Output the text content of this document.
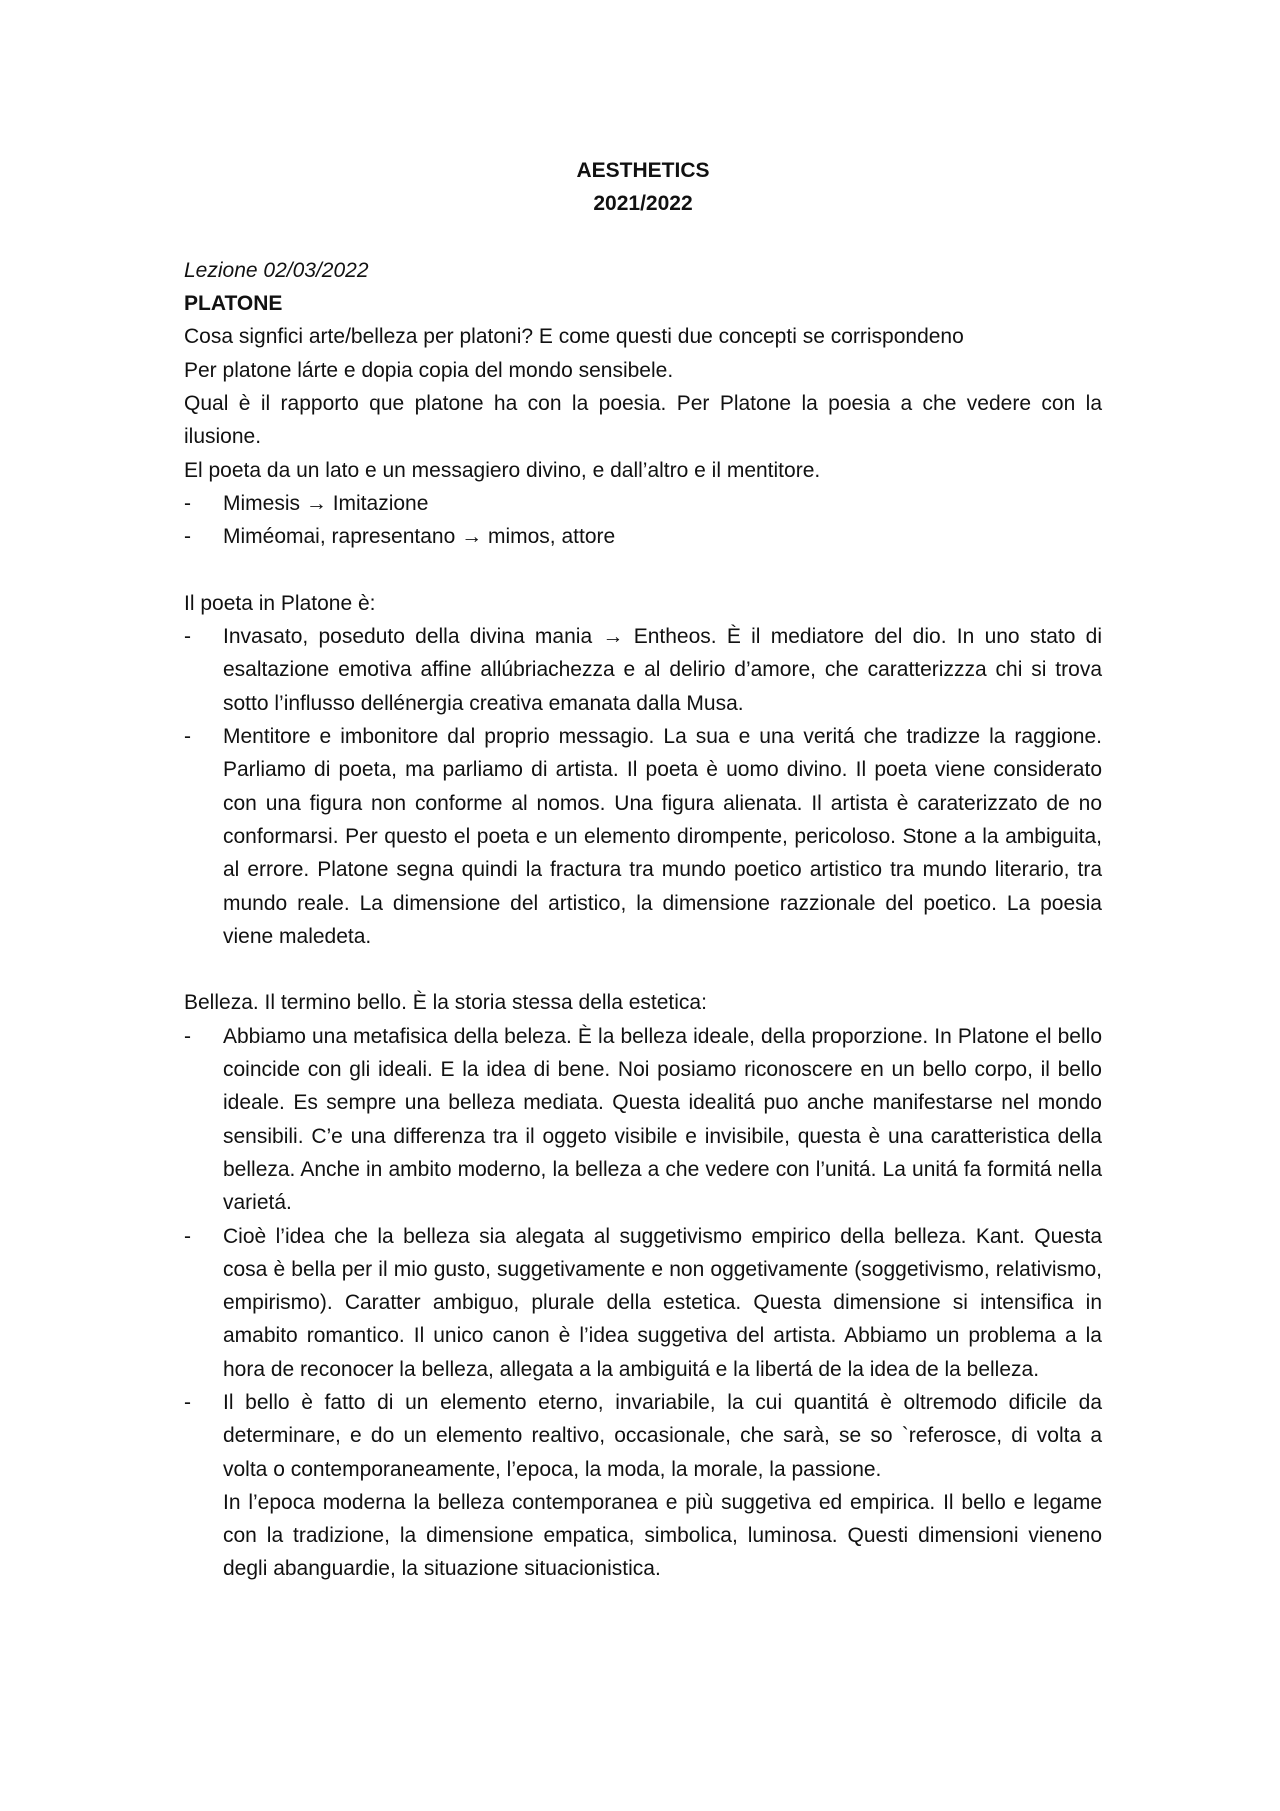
AESTHETICS
2021/2022
Lezione 02/03/2022
PLATONE
Cosa signfici arte/belleza per platoni? E come questi due concepti se corrispondeno
Per platone lárte e dopia copia del mondo sensibele.
Qual è il rapporto que platone ha con la poesia. Per Platone la poesia a che vedere con la ilusione.
El poeta da un lato e un messagiero divino, e dall’altro e il mentitore.
- Mimesis → Imitazione
- Miméomai, rapresentano → mimos, attore
Il poeta in Platone è:
- Invasato, poseduto della divina mania → Entheos. È il mediatore del dio. In uno stato di esaltazione emotiva affine allúbriachezza e al delirio d’amore, che caratterizzza chi si trova sotto l’influsso dellénergia creativa emanata dalla Musa.
- Mentitore e imbonitore dal proprio messagio. La sua e una veritá che tradizze la raggione. Parliamo di poeta, ma parliamo di artista. Il poeta è uomo divino. Il poeta viene considerato con una figura non conforme al nomos. Una figura alienata. Il artista è caraterizzato de no conformarsi. Per questo el poeta e un elemento dirompente, pericoloso. Stone a la ambiguita, al errore. Platone segna quindi la fractura tra mundo poetico artistico tra mundo literario, tra mundo reale. La dimensione del artistico, la dimensione razzionale del poetico. La poesia viene maledeta.
Belleza. Il termino bello. È la storia stessa della estetica:
- Abbiamo una metafisica della beleza. È la belleza ideale, della proporzione. In Platone el bello coincide con gli ideali. E la idea di bene. Noi posiamo riconoscere en un bello corpo, il bello ideale. Es sempre una belleza mediata. Questa idealitá puo anche manifestarse nel mondo sensibili. C’e una differenza tra il oggeto visibile e invisibile, questa è una caratteristica della belleza. Anche in ambito moderno, la belleza a che vedere con l’unitá. La unitá fa formitá nella varietá.
- Cioè l’idea che la belleza sia alegata al suggetivismo empirico della belleza. Kant. Questa cosa è bella per il mio gusto, suggetivamente e non oggetivamente (soggetivismo, relativismo, empirismo). Caratter ambiguo, plurale della estetica. Questa dimensione si intensifica in amabito romantico. Il unico canon è l’idea suggetiva del artista. Abbiamo un problema a la hora de reconocer la belleza, allegata a la ambiguitá e la libertá de la idea de la belleza.
- Il bello è fatto di un elemento eterno, invariabile, la cui quantitá è oltremodo dificile da determinare, e do un elemento realtivo, occasionale, che sarà, se so `referosce, di volta a volta o contemporaneamente, l’epoca, la moda, la morale, la passione.
In l’epoca moderna la belleza contemporanea e più suggetiva ed empirica. Il bello e legame con la tradizione, la dimensione empatica, simbolica, luminosa. Questi dimensioni vieneno degli abanguardie, la situazione situacionistica.
